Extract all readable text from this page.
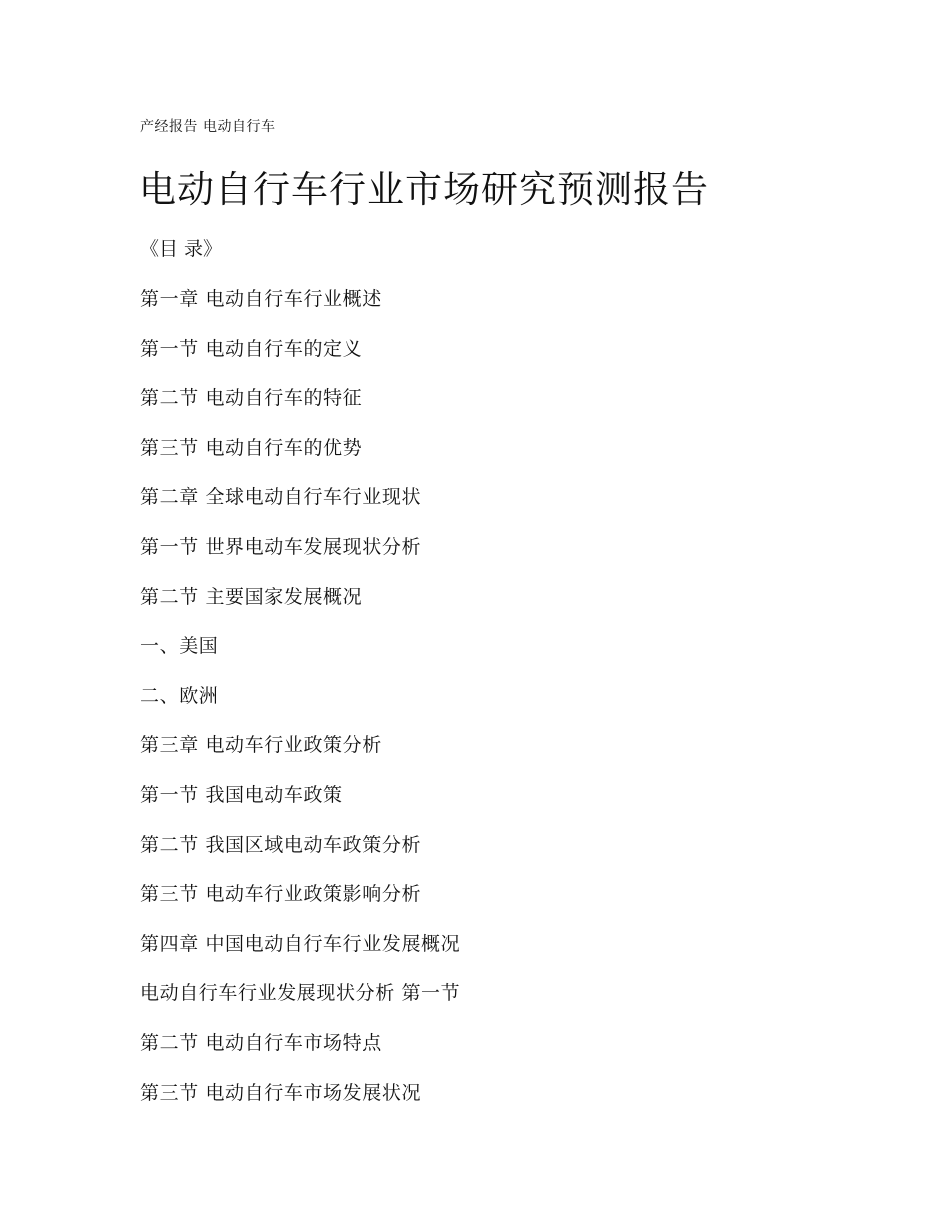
产经报告 电动自行车
电动自行车行业市场研究预测报告
《目 录》
第一章 电动自行车行业概述
第一节 电动自行车的定义
第二节 电动自行车的特征
第三节 电动自行车的优势
第二章 全球电动自行车行业现状
第一节 世界电动车发展现状分析
第二节 主要国家发展概况
一、美国
二、欧洲
第三章 电动车行业政策分析
第一节 我国电动车政策
第二节 我国区域电动车政策分析
第三节 电动车行业政策影响分析
第四章 中国电动自行车行业发展概况
电动自行车行业发展现状分析 第一节
第二节 电动自行车市场特点
第三节 电动自行车市场发展状况
